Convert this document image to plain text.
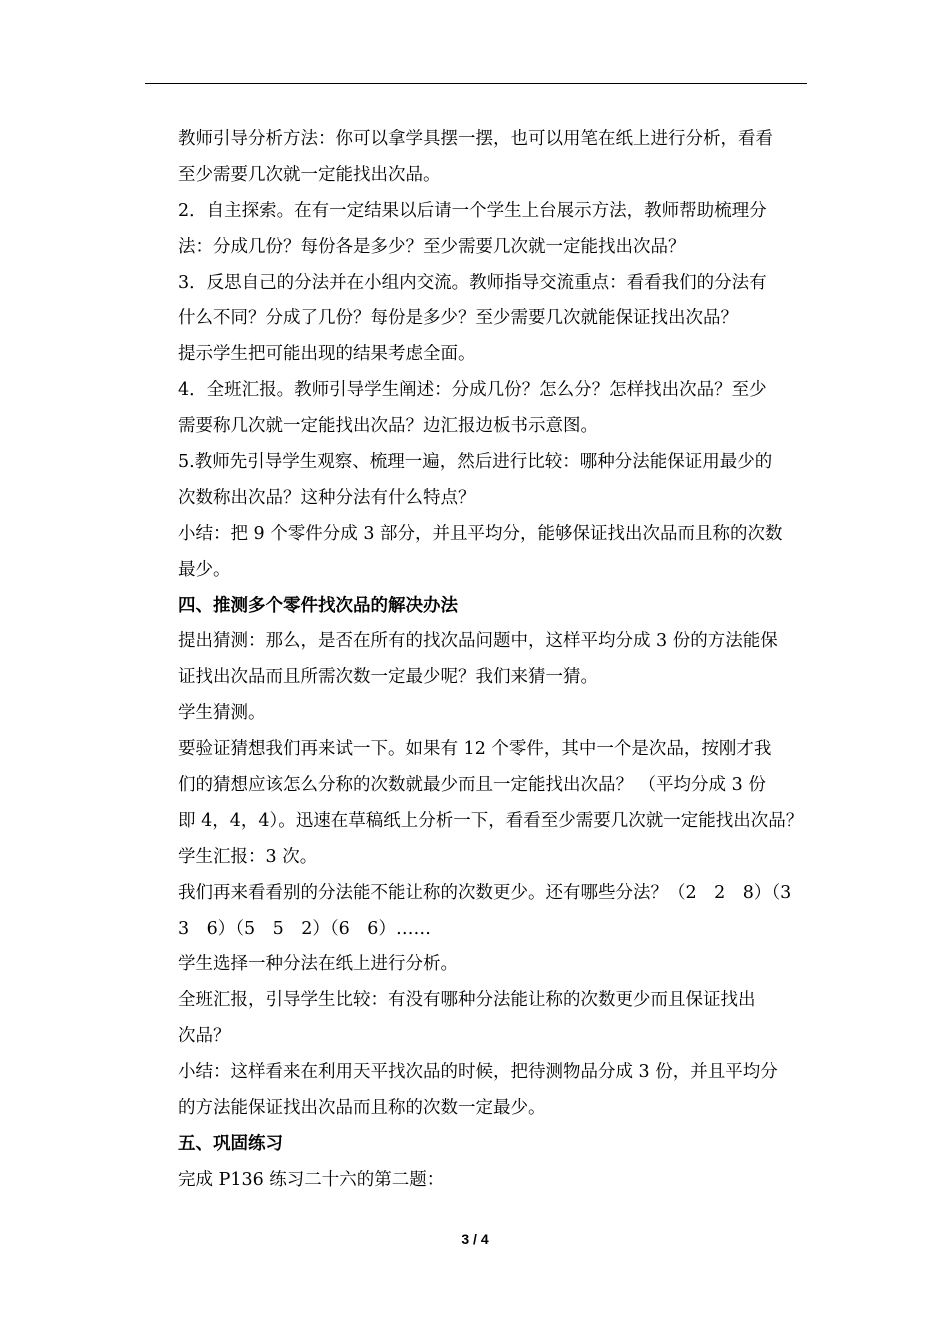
教师引导分析方法：你可以拿学具摆一摆，也可以用笔在纸上进行分析，看看
至少需要几次就一定能找出次品。
2．自主探索。在有一定结果以后请一个学生上台展示方法，教师帮助梳理分
法：分成几份？每份各是多少？至少需要几次就一定能找出次品？
3．反思自己的分法并在小组内交流。教师指导交流重点：看看我们的分法有
什么不同？分成了几份？每份是多少？至少需要几次就能保证找出次品？
提示学生把可能出现的结果考虑全面。
4．全班汇报。教师引导学生阐述：分成几份？怎么分？怎样找出次品？至少
需要称几次就一定能找出次品？边汇报边板书示意图。
5.教师先引导学生观察、梳理一遍，然后进行比较：哪种分法能保证用最少的
次数称出次品？这种分法有什么特点？
小结：把 9 个零件分成 3 部分，并且平均分，能够保证找出次品而且称的次数
最少。
四、推测多个零件找次品的解决办法
提出猜测：那么，是否在所有的找次品问题中，这样平均分成 3 份的方法能保
证找出次品而且所需次数一定最少呢？我们来猜一猜。
学生猜测。
要验证猜想我们再来试一下。如果有 12 个零件，其中一个是次品，按刚才我
们的猜想应该怎么分称的次数就最少而且一定能找出次品？ （平均分成 3 份
即 4，4，4）。迅速在草稿纸上分析一下，看看至少需要几次就一定能找出次品？
学生汇报：3 次。
我们再来看看别的分法能不能让称的次数更少。还有哪些分法？（2　2　8）（3
3　6）（5　5　2）（6　6）……
学生选择一种分法在纸上进行分析。
全班汇报，引导学生比较：有没有哪种分法能让称的次数更少而且保证找出
次品？
小结：这样看来在利用天平找次品的时候，把待测物品分成 3 份，并且平均分
的方法能保证找出次品而且称的次数一定最少。
五、巩固练习
完成 P136 练习二十六的第二题：
3 / 4
